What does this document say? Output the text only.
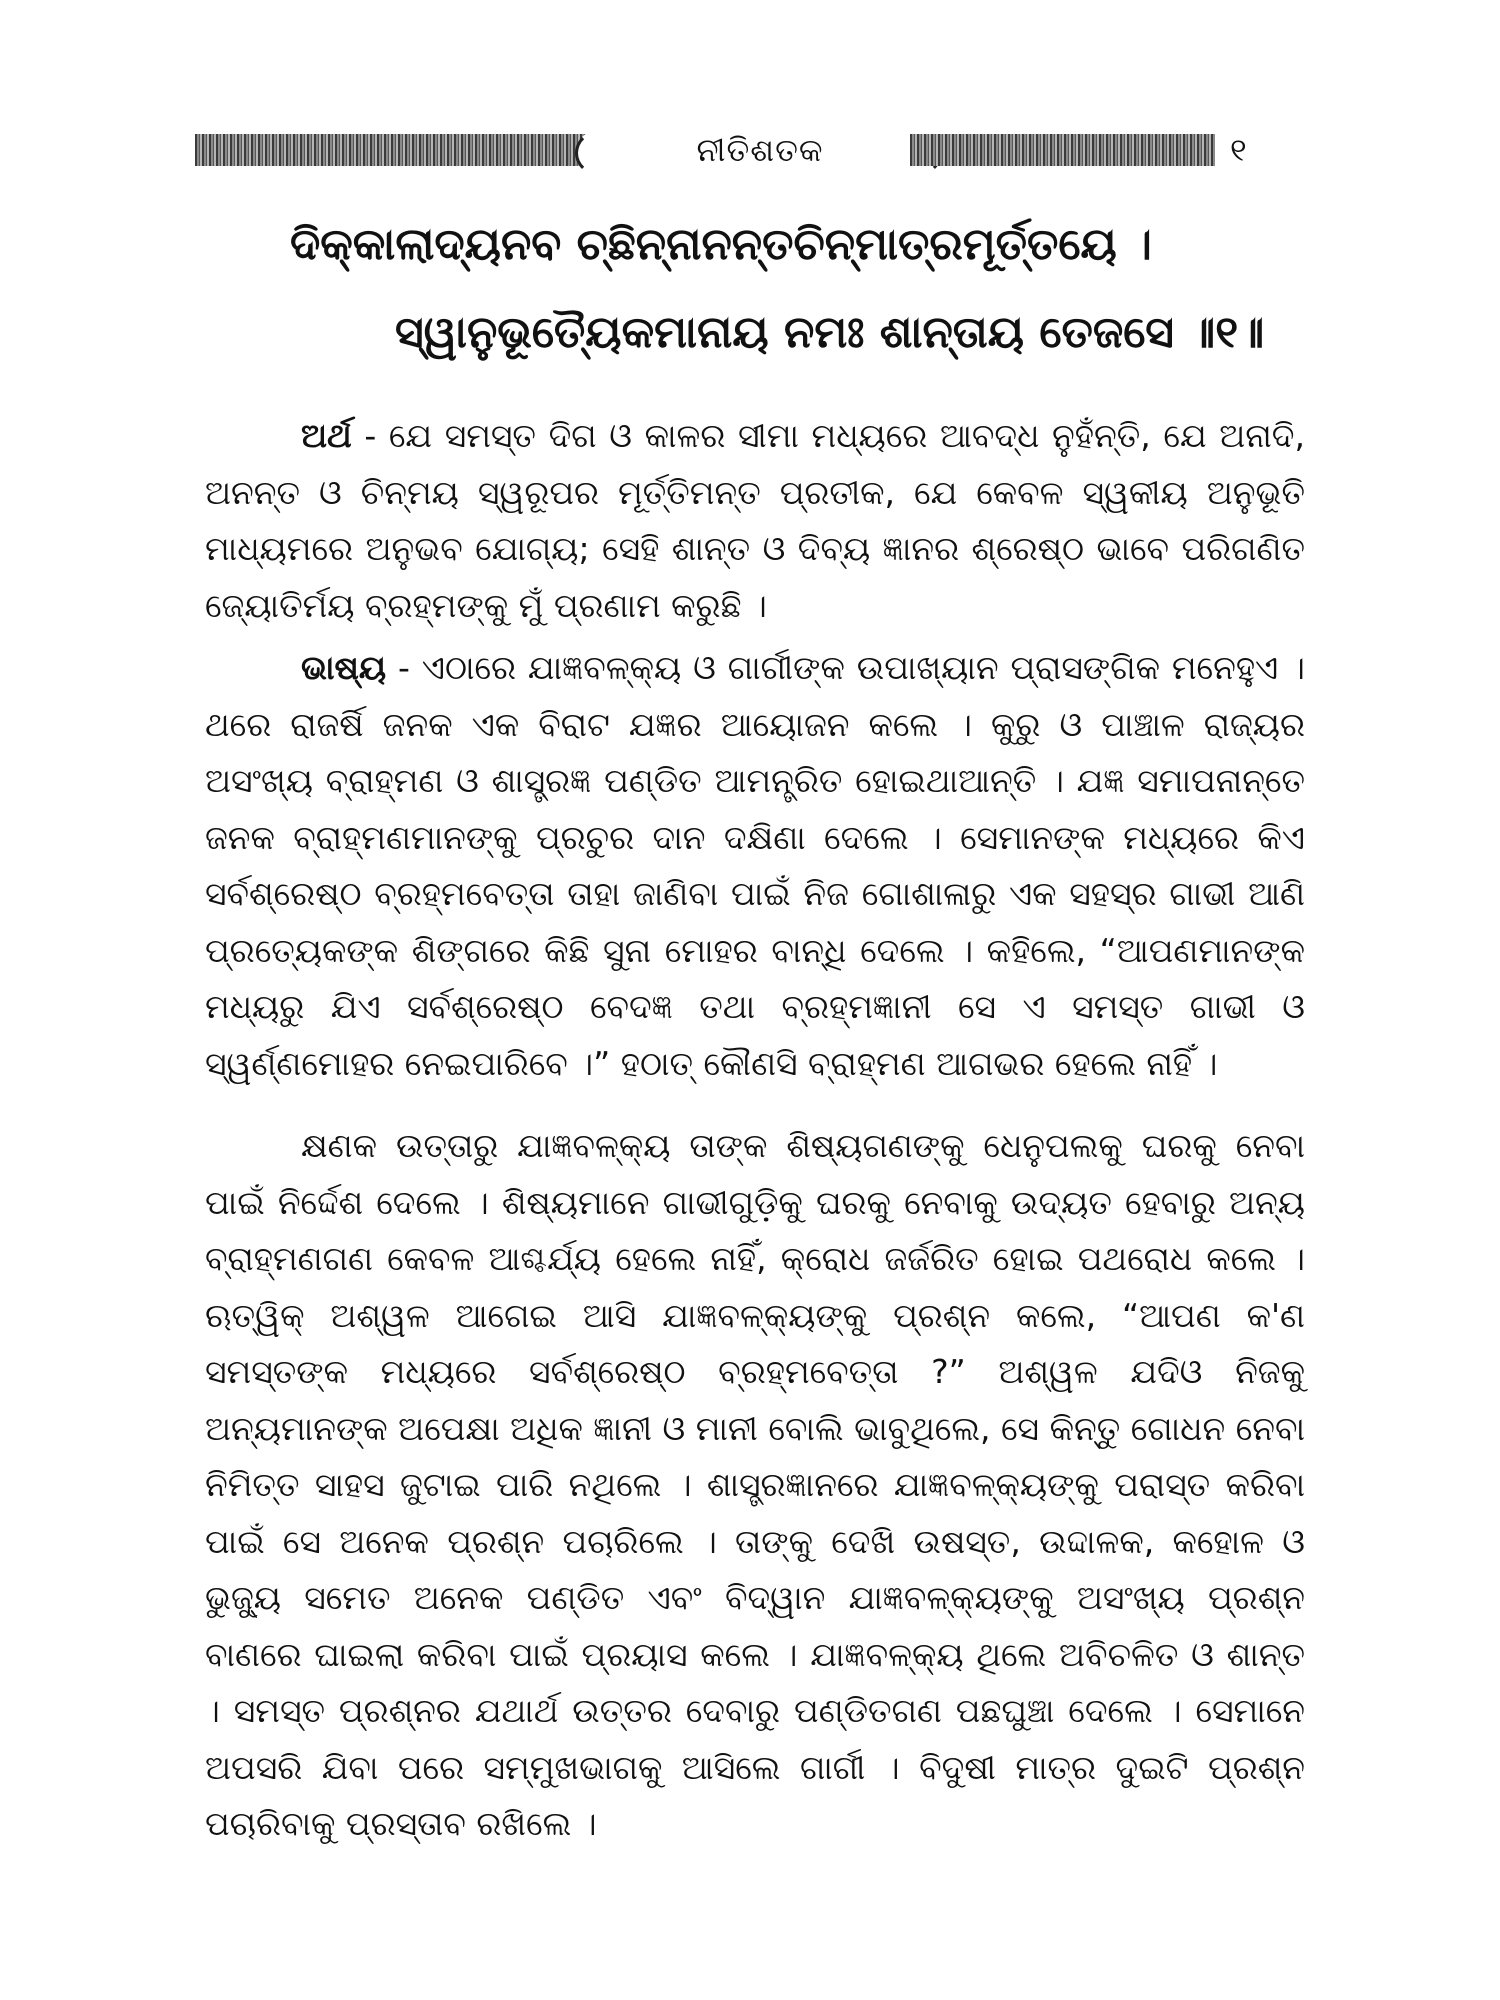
ନୀତିଶତକ	୧
ଦିକ୍‌କାଲାଦ୍ୟନବ ଚ୍ଛିନ୍ନାନନ୍ତଚିନ୍ମାତ୍ରମୂର୍ତ୍ତୟେ ।
ସ୍ୱାନୁଭୂତ୍ୟୈକମାନାୟ ନମଃ ଶାନ୍ତାୟ ତେଜସେ ॥୧॥

ଅର୍ଥ - ଯେ ସମସ୍ତ ଦିଗ ଓ କାଳର ସୀମା ମଧ୍ୟରେ ଆବଦ୍ଧ ନୁହଁନ୍ତି, ଯେ ଅନାଦି, ଅନନ୍ତ ଓ ଚିନ୍ମୟ ସ୍ୱରୂପର ମୂର୍ତ୍ତିମନ୍ତ ପ୍ରତୀକ, ଯେ କେବଳ ସ୍ୱକୀୟ ଅନୁଭୂତି ମାଧ୍ୟମରେ ଅନୁଭବ ଯୋଗ୍ୟ; ସେହି ଶାନ୍ତ ଓ ଦିବ୍ୟ ଜ୍ଞାନର ଶ୍ରେଷ୍ଠ ଭାବେ ପରିଗଣିତ ଜ୍ୟୋତିର୍ମୟ ବ୍ରହ୍ମଙ୍କୁ ମୁଁ ପ୍ରଣାମ କରୁଛି ।

ଭାଷ୍ୟ - ଏଠାରେ ଯାଜ୍ଞବଳ୍କ୍ୟ ଓ ଗାର୍ଗୀଙ୍କ ଉପାଖ୍ୟାନ ପ୍ରାସଙ୍ଗିକ ମନେହୁଏ । ଥରେ ରାଜର୍ଷି ଜନକ ଏକ ବିରାଟ ଯଜ୍ଞର ଆୟୋଜନ କଲେ । କୁରୁ ଓ ପାଞ୍ଚାଳ ରାଜ୍ୟର ଅସଂଖ୍ୟ ବ୍ରାହ୍ମଣ ଓ ଶାସ୍ତ୍ରଜ୍ଞ ପଣ୍ଡିତ ଆମନ୍ତ୍ରିତ ହୋଇଥାଆନ୍ତି । ଯଜ୍ଞ ସମାପନାନ୍ତେ ଜନକ ବ୍ରାହ୍ମଣମାନଙ୍କୁ ପ୍ରଚୁର ଦାନ ଦକ୍ଷିଣା ଦେଲେ । ସେମାନଙ୍କ ମଧ୍ୟରେ କିଏ ସର୍ବଶ୍ରେଷ୍ଠ ବ୍ରହ୍ମବେତ୍ତା ତାହା ଜାଣିବା ପାଇଁ ନିଜ ଗୋଶାଳାରୁ ଏକ ସହସ୍ର ଗାଭୀ ଆଣି ପ୍ରତ୍ୟେକଙ୍କ ଶିଙ୍ଗରେ କିଛି ସୁନା ମୋହର ବାନ୍ଧି ଦେଲେ । କହିଲେ, “ଆପଣମାନଙ୍କ ମଧ୍ୟରୁ ଯିଏ ସର୍ବଶ୍ରେଷ୍ଠ ବେଦଜ୍ଞ ତଥା ବ୍ରହ୍ମଜ୍ଞାନୀ ସେ ଏ ସମସ୍ତ ଗାଭୀ ଓ ସ୍ୱର୍ଣ୍ଣମୋହର ନେଇପାରିବେ ।” ହଠାତ୍ କୌଣସି ବ୍ରାହ୍ମଣ ଆଗଭର ହେଲେ ନାହିଁ ।

କ୍ଷଣକ ଉତ୍ତାରୁ ଯାଜ୍ଞବଳ୍କ୍ୟ ତାଙ୍କ ଶିଷ୍ୟଗଣଙ୍କୁ ଧେନୁପଲକୁ ଘରକୁ ନେବା ପାଇଁ ନିର୍ଦ୍ଦେଶ ଦେଲେ । ଶିଷ୍ୟମାନେ ଗାଭୀଗୁଡ଼ିକୁ ଘରକୁ ନେବାକୁ ଉଦ୍ୟତ ହେବାରୁ ଅନ୍ୟ ବ୍ରାହ୍ମଣଗଣ କେବଳ ଆଶ୍ଚର୍ଯ୍ୟ ହେଲେ ନାହିଁ, କ୍ରୋଧ ଜର୍ଜରିତ ହୋଇ ପଥରୋଧ କଲେ । ଋତ୍ୱିକ୍ ଅଶ୍ୱଳ ଆଗେଇ ଆସି ଯାଜ୍ଞବଳ୍କ୍ୟଙ୍କୁ ପ୍ରଶ୍ନ କଲେ, “ଆପଣ କ'ଣ ସମସ୍ତଙ୍କ ମଧ୍ୟରେ ସର୍ବଶ୍ରେଷ୍ଠ ବ୍ରହ୍ମବେତ୍ତା ?” ଅଶ୍ୱଳ ଯଦିଓ ନିଜକୁ ଅନ୍ୟମାନଙ୍କ ଅପେକ୍ଷା ଅଧିକ ଜ୍ଞାନୀ ଓ ମାନୀ ବୋଲି ଭାବୁଥିଲେ, ସେ କିନ୍ତୁ ଗୋଧନ ନେବା ନିମିତ୍ତ ସାହସ ଜୁଟାଇ ପାରି ନଥିଲେ । ଶାସ୍ତ୍ରଜ୍ଞାନରେ ଯାଜ୍ଞବଳ୍କ୍ୟଙ୍କୁ ପରାସ୍ତ କରିବା ପାଇଁ ସେ ଅନେକ ପ୍ରଶ୍ନ ପଚାରିଲେ । ତାଙ୍କୁ ଦେଖି ଉଷସ୍ତ, ଉଦ୍ଦାଳକ, କହୋଳ ଓ ଭୁଜ୍ୟୁ ସମେତ ଅନେକ ପଣ୍ଡିତ ଏବଂ ବିଦ୍ୱାନ ଯାଜ୍ଞବଳ୍କ୍ୟଙ୍କୁ ଅସଂଖ୍ୟ ପ୍ରଶ୍ନ ବାଣରେ ଘାଇଲା କରିବା ପାଇଁ ପ୍ରୟାସ କଲେ । ଯାଜ୍ଞବଳ୍କ୍ୟ ଥିଲେ ଅବିଚଳିତ ଓ ଶାନ୍ତ । ସମସ୍ତ ପ୍ରଶ୍ନର ଯଥାର୍ଥ ଉତ୍ତର ଦେବାରୁ ପଣ୍ଡିତଗଣ ପଛଘୁଞ୍ଚା ଦେଲେ । ସେମାନେ ଅପସରି ଯିବା ପରେ ସମ୍ମୁଖଭାଗକୁ ଆସିଲେ ଗାର୍ଗୀ । ବିଦୁଷୀ ମାତ୍ର ଦୁଇଟି ପ୍ରଶ୍ନ ପଚାରିବାକୁ ପ୍ରସ୍ତାବ ରଖିଲେ ।
